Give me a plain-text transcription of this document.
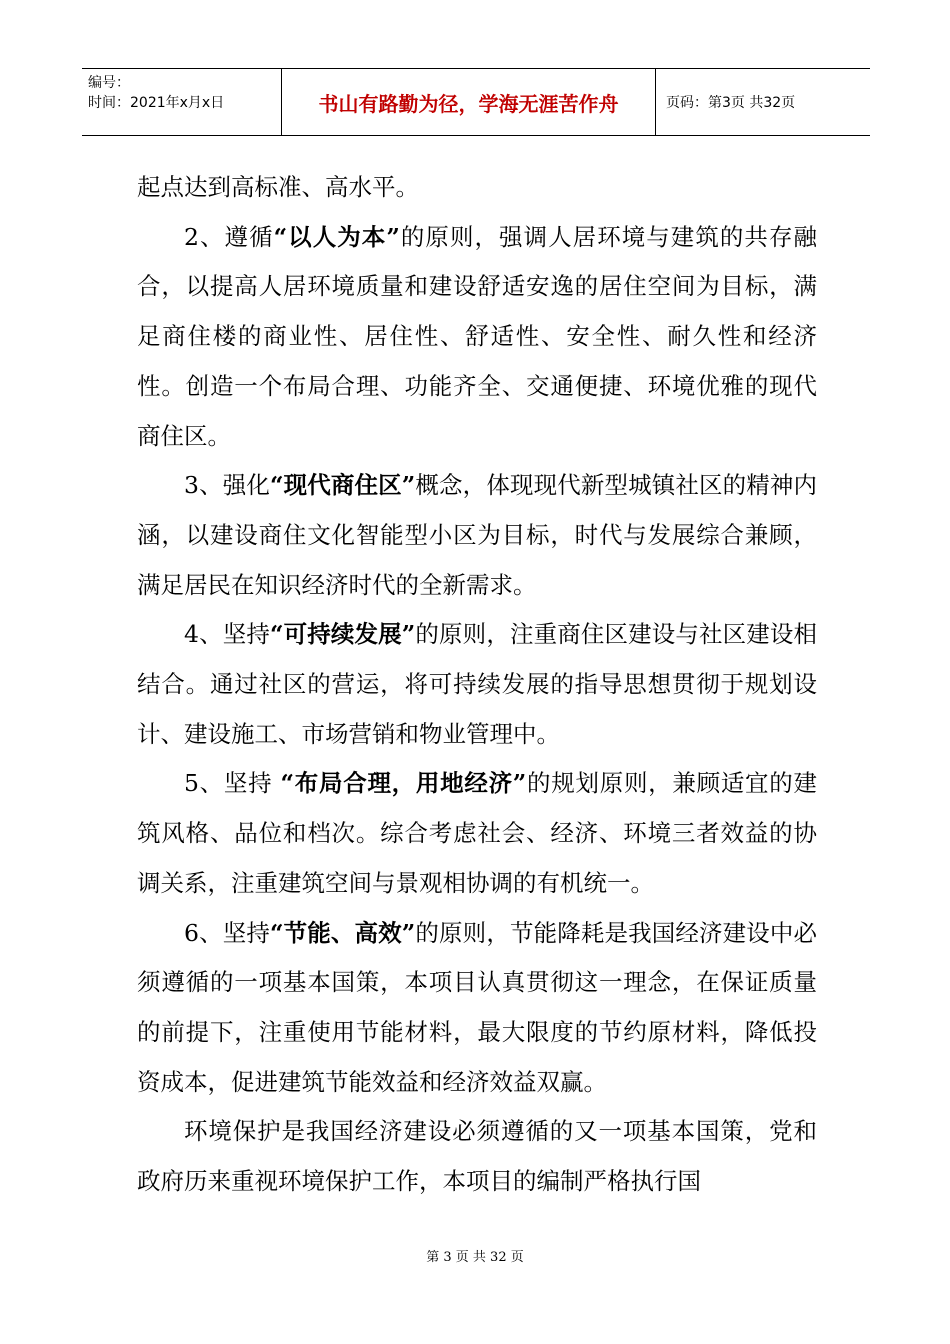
编号：
时间：2021年x月x日	书山有路勤为径，学海无涯苦作舟	页码：第3页 共32页

起点达到高标准、高水平。

2、遵循“以人为本”的原则，强调人居环境与建筑的共存融合，以提高人居环境质量和建设舒适安逸的居住空间为目标，满足商住楼的商业性、居住性、舒适性、安全性、耐久性和经济性。创造一个布局合理、功能齐全、交通便捷、环境优雅的现代商住区。

3、强化“现代商住区”概念，体现现代新型城镇社区的精神内涵，以建设商住文化智能型小区为目标，时代与发展综合兼顾，满足居民在知识经济时代的全新需求。

4、坚持“可持续发展”的原则，注重商住区建设与社区建设相结合。通过社区的营运，将可持续发展的指导思想贯彻于规划设计、建设施工、市场营销和物业管理中。

5、坚持 “布局合理，用地经济”的规划原则，兼顾适宜的建筑风格、品位和档次。综合考虑社会、经济、环境三者效益的协调关系，注重建筑空间与景观相协调的有机统一。

6、坚持“节能、高效”的原则，节能降耗是我国经济建设中必须遵循的一项基本国策，本项目认真贯彻这一理念，在保证质量的前提下，注重使用节能材料，最大限度的节约原材料，降低投资成本，促进建筑节能效益和经济效益双赢。

环境保护是我国经济建设必须遵循的又一项基本国策，党和政府历来重视环境保护工作，本项目的编制严格执行国

第 3 页 共 32 页
